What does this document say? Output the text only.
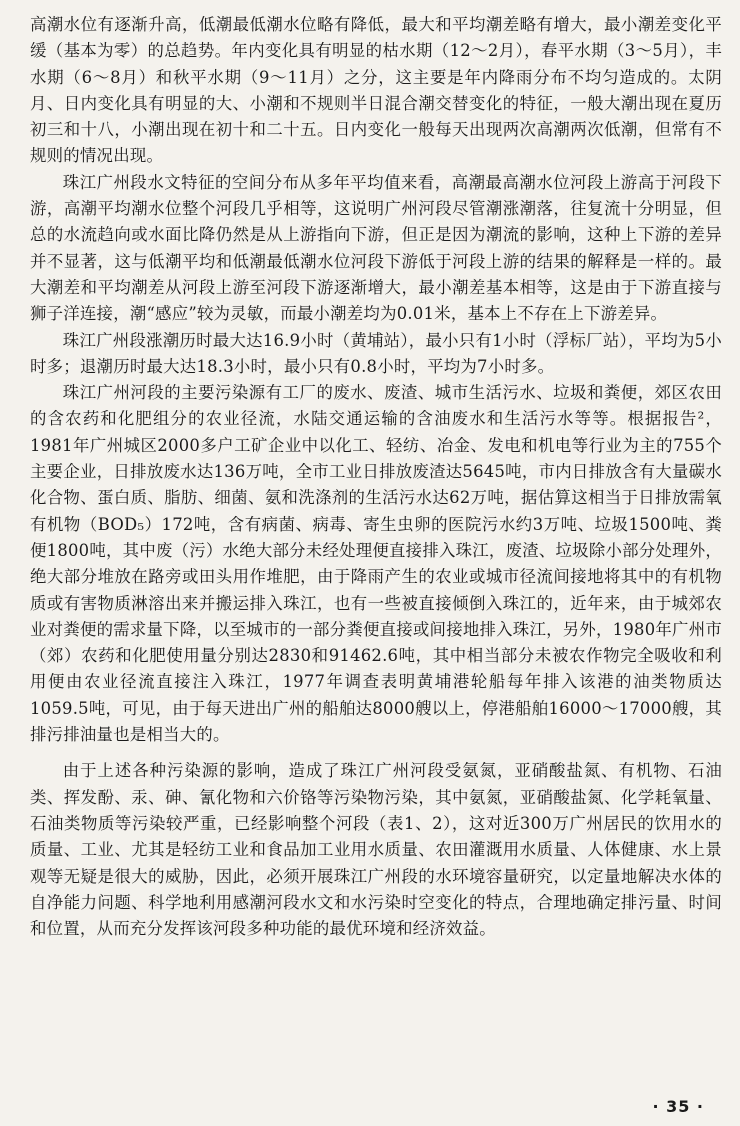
高潮水位有逐渐升高，低潮最低潮水位略有降低，最大和平均潮差略有增大，最小潮差变化平缓（基本为零）的总趋势。年内变化具有明显的枯水期（12～2月），春平水期（3～5月），丰水期（6～8月）和秋平水期（9～11月）之分，这主要是年内降雨分布不均匀造成的。太阴月、日内变化具有明显的大、小潮和不规则半日混合潮交替变化的特征，一般大潮出现在夏历初三和十八，小潮出现在初十和二十五。日内变化一般每天出现两次高潮两次低潮，但常有不规则的情况出现。

珠江广州段水文特征的空间分布从多年平均值来看，高潮最高潮水位河段上游高于河段下游，高潮平均潮水位整个河段几乎相等，这说明广州河段尽管潮涨潮落，往复流十分明显，但总的水流趋向或水面比降仍然是从上游指向下游，但正是因为潮流的影响，这种上下游的差异并不显著，这与低潮平均和低潮最低潮水位河段下游低于河段上游的结果的解释是一样的。最大潮差和平均潮差从河段上游至河段下游逐渐增大，最小潮差基本相等，这是由于下游直接与狮子洋连接，潮“感应”较为灵敏，而最小潮差均为0.01米，基本上不存在上下游差异。

珠江广州段涨潮历时最大达16.9小时（黄埔站），最小只有1小时（浮标厂站），平均为5小时多；退潮历时最大达18.3小时，最小只有0.8小时，平均为7小时多。

珠江广州河段的主要污染源有工厂的废水、废渣、城市生活污水、垃圾和粪便，郊区农田的含农药和化肥组分的农业径流，水陆交通运输的含油废水和生活污水等等。根据报告²，1981年广州城区2000多户工矿企业中以化工、轻纺、冶金、发电和机电等行业为主的755个主要企业，日排放废水达136万吨，全市工业日排放废渣达5645吨，市内日排放含有大量碳水化合物、蛋白质、脂肪、细菌、氨和洗涤剂的生活污水达62万吨，据估算这相当于日排放需氧有机物（BOD₅）172吨，含有病菌、病毒、寄生虫卵的医院污水约3万吨、垃圾1500吨、粪便1800吨，其中废（污）水绝大部分未经处理便直接排入珠江，废渣、垃圾除小部分处理外，绝大部分堆放在路旁或田头用作堆肥，由于降雨产生的农业或城市径流间接地将其中的有机物质或有害物质淋溶出来并搬运排入珠江，也有一些被直接倾倒入珠江的，近年来，由于城郊农业对粪便的需求量下降，以至城市的一部分粪便直接或间接地排入珠江，另外，1980年广州市（郊）农药和化肥使用量分别达2830和91462.6吨，其中相当部分未被农作物完全吸收和利用便由农业径流直接注入珠江，1977年调查表明黄埔港轮船每年排入该港的油类物质达1059.5吨，可见，由于每天进出广州的船舶达8000艘以上，停港船舶16000～17000艘，其排污排油量也是相当大的。

由于上述各种污染源的影响，造成了珠江广州河段受氨氮，亚硝酸盐氮、有机物、石油类、挥发酚、汞、砷、氰化物和六价铬等污染物污染，其中氨氮，亚硝酸盐氮、化学耗氧量、石油类物质等污染较严重，已经影响整个河段（表1、2），这对近300万广州居民的饮用水的质量、工业、尤其是轻纺工业和食品加工业用水质量、农田灌溉用水质量、人体健康、水上景观等无疑是很大的威胁，因此，必须开展珠江广州段的水环境容量研究，以定量地解决水体的自净能力问题、科学地利用感潮河段水文和水污染时空变化的特点，合理地确定排污量、时间和位置，从而充分发挥该河段多种功能的最优环境和经济效益。

· 35 ·
